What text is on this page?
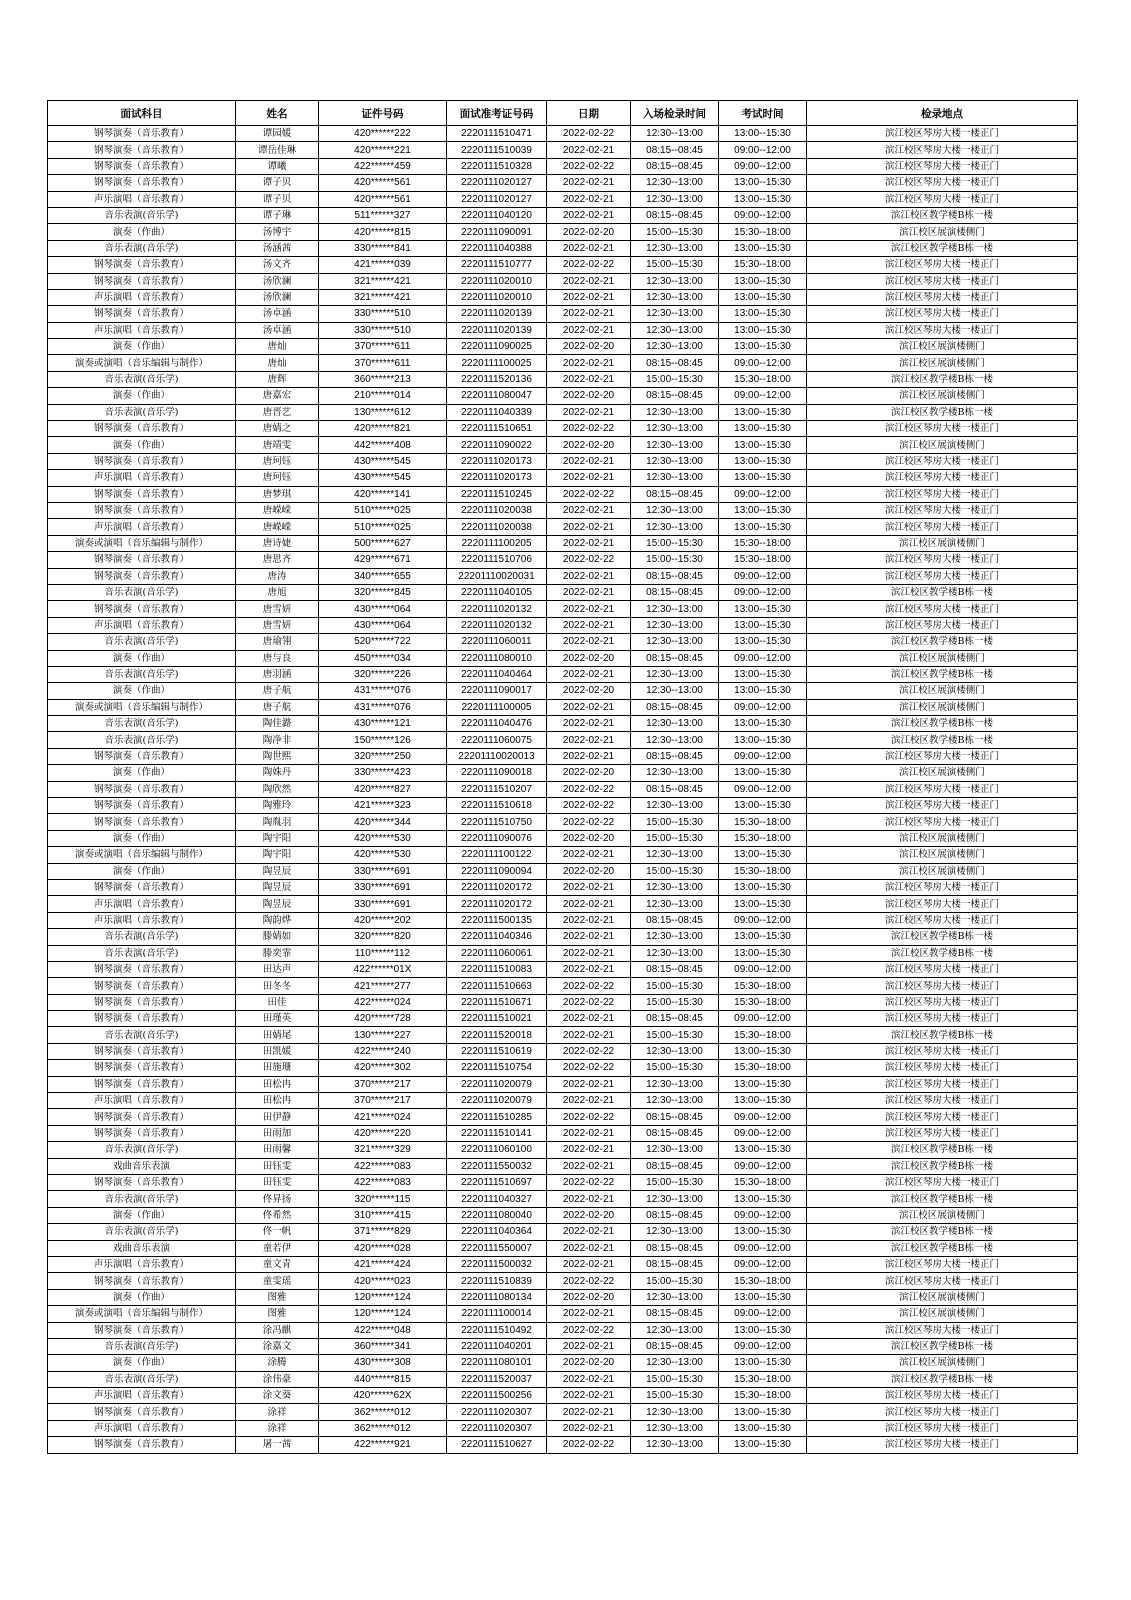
面试科目	姓名	证件号码	面试准考证号码	日期	入场检录时间	考试时间	检录地点
钢琴演奏（音乐教育）	谭园媛	420******222	2220111510471	2022-02-22	12:30--13:00	13:00--15:30	滨江校区琴房大楼一楼正门
钢琴演奏（音乐教育）	谭岳佳琳	420******221	2220111510039	2022-02-21	08:15--08:45	09:00--12:00	滨江校区琴房大楼一楼正门
钢琴演奏（音乐教育）	谭曦	422******459	2220111510328	2022-02-22	08:15--08:45	09:00--12:00	滨江校区琴房大楼一楼正门
钢琴演奏（音乐教育）	谭子贝	420******561	2220111020127	2022-02-21	12:30--13:00	13:00--15:30	滨江校区琴房大楼一楼正门
声乐演唱（音乐教育）	谭子贝	420******561	2220111020127	2022-02-21	12:30--13:00	13:00--15:30	滨江校区琴房大楼一楼正门
音乐表演(音乐学)	谭子琳	511******327	2220111040120	2022-02-21	08:15--08:45	09:00--12:00	滨江校区教学楼B栋一楼
演奏（作曲）	汤博宇	420******815	2220111090091	2022-02-20	15:00--15:30	15:30--18:00	滨江校区展演楼侧门
音乐表演(音乐学)	汤涵茜	330******841	2220111040388	2022-02-21	12:30--13:00	13:00--15:30	滨江校区教学楼B栋一楼
钢琴演奏（音乐教育）	汤文齐	421******039	2220111510777	2022-02-22	15:00--15:30	15:30--18:00	滨江校区琴房大楼一楼正门
钢琴演奏（音乐教育）	汤欣澜	321******421	2220111020010	2022-02-21	12:30--13:00	13:00--15:30	滨江校区琴房大楼一楼正门
声乐演唱（音乐教育）	汤欣澜	321******421	2220111020010	2022-02-21	12:30--13:00	13:00--15:30	滨江校区琴房大楼一楼正门
钢琴演奏（音乐教育）	汤卓涵	330******510	2220111020139	2022-02-21	12:30--13:00	13:00--15:30	滨江校区琴房大楼一楼正门
声乐演唱（音乐教育）	汤卓涵	330******510	2220111020139	2022-02-21	12:30--13:00	13:00--15:30	滨江校区琴房大楼一楼正门
演奏（作曲）	唐灿	370******611	2220111090025	2022-02-20	12:30--13:00	13:00--15:30	滨江校区展演楼侧门
演奏或演唱（音乐编辑与制作）	唐灿	370******611	2220111100025	2022-02-21	08:15--08:45	09:00--12:00	滨江校区展演楼侧门
音乐表演(音乐学)	唐辉	360******213	2220111520136	2022-02-21	15:00--15:30	15:30--18:00	滨江校区教学楼B栋一楼
演奏（作曲）	唐嘉宏	210******014	2220111080047	2022-02-20	08:15--08:45	09:00--12:00	滨江校区展演楼侧门
音乐表演(音乐学)	唐晋艺	130******612	2220111040339	2022-02-21	12:30--13:00	13:00--15:30	滨江校区教学楼B栋一楼
钢琴演奏（音乐教育）	唐婧之	420******821	2220111510651	2022-02-22	12:30--13:00	13:00--15:30	滨江校区琴房大楼一楼正门
演奏（作曲）	唐靖雯	442******408	2220111090022	2022-02-20	12:30--13:00	13:00--15:30	滨江校区展演楼侧门
钢琴演奏（音乐教育）	唐珂钰	430******545	2220111020173	2022-02-21	12:30--13:00	13:00--15:30	滨江校区琴房大楼一楼正门
声乐演唱（音乐教育）	唐珂钰	430******545	2220111020173	2022-02-21	12:30--13:00	13:00--15:30	滨江校区琴房大楼一楼正门
钢琴演奏（音乐教育）	唐梦琪	420******141	2220111510245	2022-02-22	08:15--08:45	09:00--12:00	滨江校区琴房大楼一楼正门
钢琴演奏（音乐教育）	唐嵘嵘	510******025	2220111020038	2022-02-21	12:30--13:00	13:00--15:30	滨江校区琴房大楼一楼正门
声乐演唱（音乐教育）	唐嵘嵘	510******025	2220111020038	2022-02-21	12:30--13:00	13:00--15:30	滨江校区琴房大楼一楼正门
演奏或演唱（音乐编辑与制作）	唐诗婕	500******627	2220111100205	2022-02-21	15:00--15:30	15:30--18:00	滨江校区展演楼侧门
钢琴演奏（音乐教育）	唐思齐	429******671	2220111510706	2022-02-22	15:00--15:30	15:30--18:00	滨江校区琴房大楼一楼正门
钢琴演奏（音乐教育）	唐涛	340******655	22201110020031	2022-02-21	08:15--08:45	09:00--12:00	滨江校区琴房大楼一楼正门
音乐表演(音乐学)	唐旭	320******845	2220111040105	2022-02-21	08:15--08:45	09:00--12:00	滨江校区教学楼B栋一楼
钢琴演奏（音乐教育）	唐雪妍	430******064	2220111020132	2022-02-21	12:30--13:00	13:00--15:30	滨江校区琴房大楼一楼正门
声乐演唱（音乐教育）	唐雪妍	430******064	2220111020132	2022-02-21	12:30--13:00	13:00--15:30	滨江校区琴房大楼一楼正门
音乐表演(音乐学)	唐瑜翎	520******722	2220111060011	2022-02-21	12:30--13:00	13:00--15:30	滨江校区教学楼B栋一楼
演奏（作曲）	唐与良	450******034	2220111080010	2022-02-20	08:15--08:45	09:00--12:00	滨江校区展演楼侧门
音乐表演(音乐学)	唐羽涵	320******226	2220111040464	2022-02-21	12:30--13:00	13:00--15:30	滨江校区教学楼B栋一楼
演奏（作曲）	唐子航	431******076	2220111090017	2022-02-20	12:30--13:00	13:00--15:30	滨江校区展演楼侧门
演奏或演唱（音乐编辑与制作）	唐子航	431******076	2220111100005	2022-02-21	08:15--08:45	09:00--12:00	滨江校区展演楼侧门
音乐表演(音乐学)	陶佳潞	430******121	2220111040476	2022-02-21	12:30--13:00	13:00--15:30	滨江校区教学楼B栋一楼
音乐表演(音乐学)	陶净非	150******126	2220111060075	2022-02-21	12:30--13:00	13:00--15:30	滨江校区教学楼B栋一楼
钢琴演奏（音乐教育）	陶世熙	320******250	22201110020013	2022-02-21	08:15--08:45	09:00--12:00	滨江校区琴房大楼一楼正门
演奏（作曲）	陶姝丹	330******423	2220111090018	2022-02-20	12:30--13:00	13:00--15:30	滨江校区展演楼侧门
钢琴演奏（音乐教育）	陶欣然	420******827	2220111510207	2022-02-22	08:15--08:45	09:00--12:00	滨江校区琴房大楼一楼正门
钢琴演奏（音乐教育）	陶雅玲	421******323	2220111510618	2022-02-22	12:30--13:00	13:00--15:30	滨江校区琴房大楼一楼正门
钢琴演奏（音乐教育）	陶胤羽	420******344	2220111510750	2022-02-22	15:00--15:30	15:30--18:00	滨江校区琴房大楼一楼正门
演奏（作曲）	陶宇阳	420******530	2220111090076	2022-02-20	15:00--15:30	15:30--18:00	滨江校区展演楼侧门
演奏或演唱（音乐编辑与制作）	陶宇阳	420******530	2220111100122	2022-02-21	12:30--13:00	13:00--15:30	滨江校区展演楼侧门
演奏（作曲）	陶昱辰	330******691	2220111090094	2022-02-20	15:00--15:30	15:30--18:00	滨江校区展演楼侧门
钢琴演奏（音乐教育）	陶昱辰	330******691	2220111020172	2022-02-21	12:30--13:00	13:00--15:30	滨江校区琴房大楼一楼正门
声乐演唱（音乐教育）	陶昱辰	330******691	2220111020172	2022-02-21	12:30--13:00	13:00--15:30	滨江校区琴房大楼一楼正门
声乐演唱（音乐教育）	陶韵烨	420******202	2220111500135	2022-02-21	08:15--08:45	09:00--12:00	滨江校区琴房大楼一楼正门
音乐表演(音乐学)	滕婧如	320******820	2220111040346	2022-02-21	12:30--13:00	13:00--15:30	滨江校区教学楼B栋一楼
音乐表演(音乐学)	滕奕霏	110******112	2220111060061	2022-02-21	12:30--13:00	13:00--15:30	滨江校区教学楼B栋一楼
钢琴演奏（音乐教育）	田达声	422******01X	2220111510083	2022-02-21	08:15--08:45	09:00--12:00	滨江校区琴房大楼一楼正门
钢琴演奏（音乐教育）	田冬冬	421******277	2220111510663	2022-02-22	15:00--15:30	15:30--18:00	滨江校区琴房大楼一楼正门
钢琴演奏（音乐教育）	田佳	422******024	2220111510671	2022-02-22	15:00--15:30	15:30--18:00	滨江校区琴房大楼一楼正门
钢琴演奏（音乐教育）	田瑾英	420******728	2220111510021	2022-02-21	08:15--08:45	09:00--12:00	滨江校区琴房大楼一楼正门
音乐表演(音乐学)	田婧尾	130******227	2220111520018	2022-02-21	15:00--15:30	15:30--18:00	滨江校区教学楼B栋一楼
钢琴演奏（音乐教育）	田凯媛	422******240	2220111510619	2022-02-22	12:30--13:00	13:00--15:30	滨江校区琴房大楼一楼正门
钢琴演奏（音乐教育）	田施珊	420******302	2220111510754	2022-02-22	15:00--15:30	15:30--18:00	滨江校区琴房大楼一楼正门
钢琴演奏（音乐教育）	田松冉	370******217	2220111020079	2022-02-21	12:30--13:00	13:00--15:30	滨江校区琴房大楼一楼正门
声乐演唱（音乐教育）	田松冉	370******217	2220111020079	2022-02-21	12:30--13:00	13:00--15:30	滨江校区琴房大楼一楼正门
钢琴演奏（音乐教育）	田伊静	421******024	2220111510285	2022-02-22	08:15--08:45	09:00--12:00	滨江校区琴房大楼一楼正门
钢琴演奏（音乐教育）	田雨加	420******220	2220111510141	2022-02-21	08:15--08:45	09:00--12:00	滨江校区琴房大楼一楼正门
音乐表演(音乐学)	田雨馨	321******329	2220111060100	2022-02-21	12:30--13:00	13:00--15:30	滨江校区教学楼B栋一楼
戏曲音乐表演	田钰雯	422******083	2220111550032	2022-02-21	08:15--08:45	09:00--12:00	滨江校区教学楼B栋一楼
钢琴演奏（音乐教育）	田钰雯	422******083	2220111510697	2022-02-22	15:00--15:30	15:30--18:00	滨江校区琴房大楼一楼正门
音乐表演(音乐学)	佟昇扬	320******115	2220111040327	2022-02-21	12:30--13:00	13:00--15:30	滨江校区教学楼B栋一楼
演奏（作曲）	佟希然	310******415	2220111080040	2022-02-20	08:15--08:45	09:00--12:00	滨江校区展演楼侧门
音乐表演(音乐学)	佟一帆	371******829	2220111040364	2022-02-21	12:30--13:00	13:00--15:30	滨江校区教学楼B栋一楼
戏曲音乐表演	童若伊	420******028	2220111550007	2022-02-21	08:15--08:45	09:00--12:00	滨江校区教学楼B栋一楼
声乐演唱（音乐教育）	童文青	421******424	2220111500032	2022-02-21	08:15--08:45	09:00--12:00	滨江校区琴房大楼一楼正门
钢琴演奏（音乐教育）	童雯瑶	420******023	2220111510839	2022-02-22	15:00--15:30	15:30--18:00	滨江校区琴房大楼一楼正门
演奏（作曲）	图雅	120******124	2220111080134	2022-02-20	12:30--13:00	13:00--15:30	滨江校区展演楼侧门
演奏或演唱（音乐编辑与制作）	图雅	120******124	2220111100014	2022-02-21	08:15--08:45	09:00--12:00	滨江校区展演楼侧门
钢琴演奏（音乐教育）	涂冯麒	422******048	2220111510492	2022-02-22	12:30--13:00	13:00--15:30	滨江校区琴房大楼一楼正门
音乐表演(音乐学)	涂嘉文	360******341	2220111040201	2022-02-21	08:15--08:45	09:00--12:00	滨江校区教学楼B栋一楼
演奏（作曲）	涂腾	430******308	2220111080101	2022-02-20	12:30--13:00	13:00--15:30	滨江校区展演楼侧门
音乐表演(音乐学)	涂伟豪	440******815	2220111520037	2022-02-21	15:00--15:30	15:30--18:00	滨江校区教学楼B栋一楼
声乐演唱（音乐教育）	涂文葵	420******62X	2220111500256	2022-02-21	15:00--15:30	15:30--18:00	滨江校区琴房大楼一楼正门
钢琴演奏（音乐教育）	涂祥	362******012	2220111020307	2022-02-21	12:30--13:00	13:00--15:30	滨江校区琴房大楼一楼正门
声乐演唱（音乐教育）	涂祥	362******012	2220111020307	2022-02-21	12:30--13:00	13:00--15:30	滨江校区琴房大楼一楼正门
钢琴演奏（音乐教育）	屠一茜	422******921	2220111510627	2022-02-22	12:30--13:00	13:00--15:30	滨江校区琴房大楼一楼正门
